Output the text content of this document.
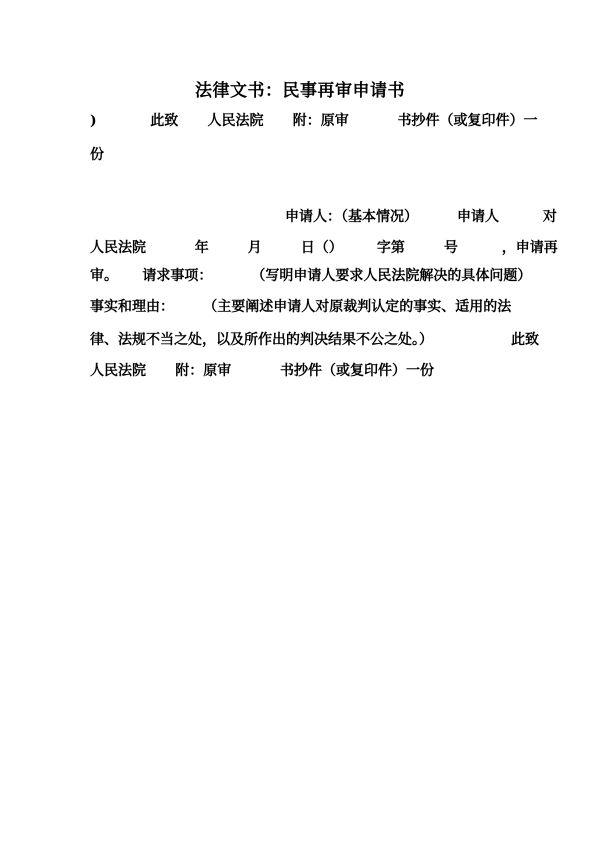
法律文书：民事再审申请书
)           此致      人民法院      附：原审          书抄件（或复印件）一
份
申请人：（基本情况）        申请人         对
人民法院          年        月        日（）       字第        号         ，申请再
审。     请求事项：        （写明申请人要求人民法院解决的具体问题）
事实和理由：      （主要阐述申请人对原裁判认定的事实、适用的法
律、法规不当之处，以及所作出的判决结果不公之处。）                此致
人民法院      附：原审          书抄件（或复印件）一份
